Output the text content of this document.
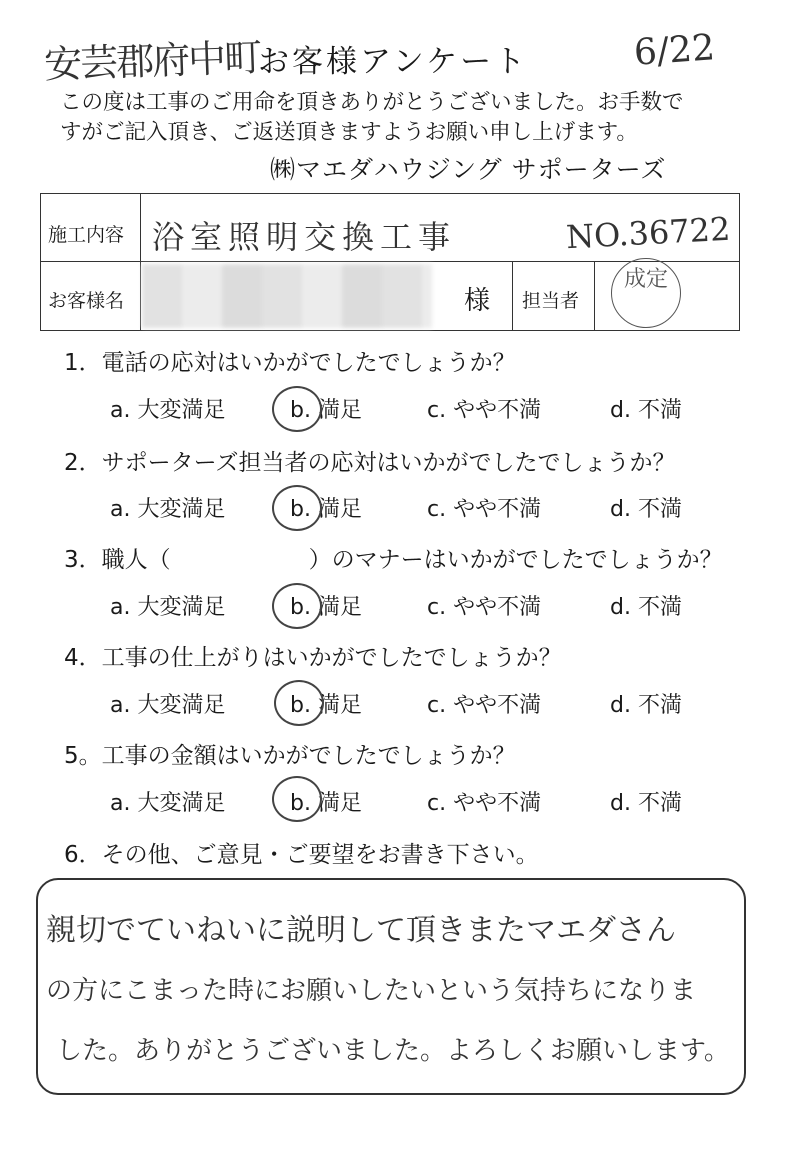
安芸郡府中町
お客様アンケート	6/22
この度は工事のご用命を頂きありがとうございました。お手数で
すがご記入頂き、ご返送頂きますようお願い申し上げます。
㈱マエダハウジング サポーターズ
施工内容 浴室照明交換工事	NO.36722
お客様名	様 担当者
成定
1．電話の応対はいかがでしたでしょうか？
2．サポーターズ担当者の応対はいかがでしたでしょうか？
3．職人（　　　　　　）のマナーはいかがでしたでしょうか？
4．工事の仕上がりはいかがでしたでしょうか？
5。工事の金額はいかがでしたでしょうか？
a. 大変満足	b. 満足	c. やや不満	d. 不満
a. 大変満足	b. 満足	c. やや不満	d. 不満
a. 大変満足	b. 満足	c. やや不満	d. 不満
a. 大変満足	b. 満足	c. やや不満	d. 不満
a. 大変満足	b. 満足	c. やや不満	d. 不満
6．その他、ご意見・ご要望をお書き下さい。
親切でていねいに説明して頂きまたマエダさん
の方にこまった時にお願いしたいという気持ちになりま
した。ありがとうございました。よろしくお願いします。
